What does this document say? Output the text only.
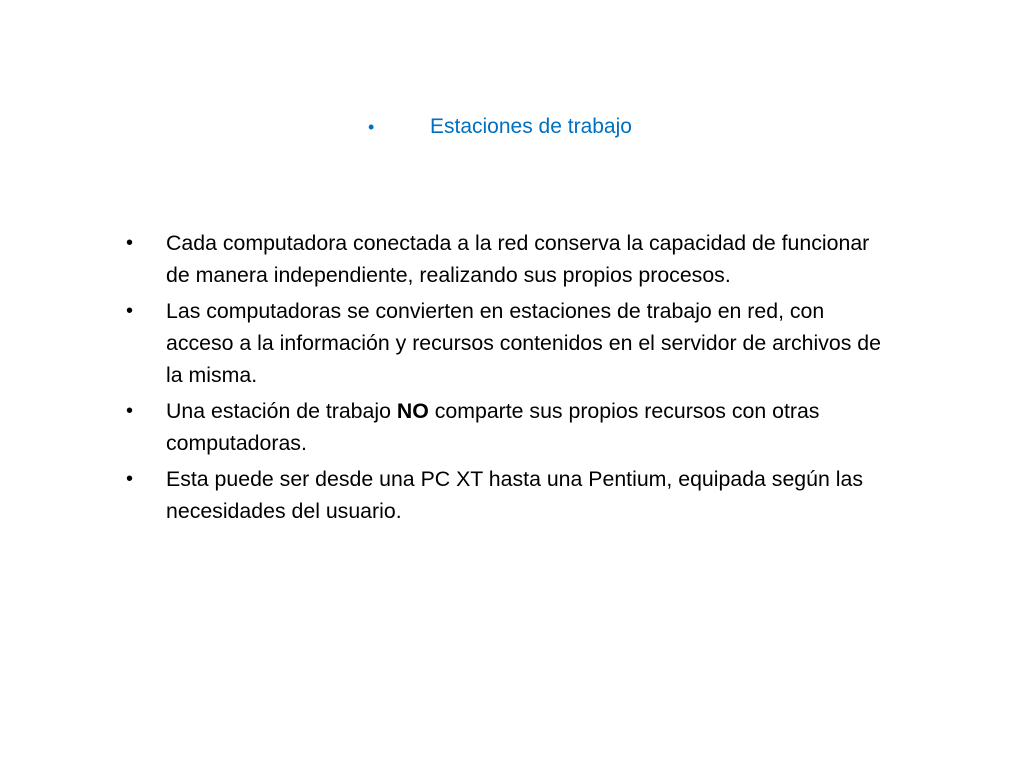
•	Estaciones de trabajo
•	Cada computadora conectada a la red conserva la capacidad de funcionar de manera independiente, realizando sus propios procesos.
•	Las computadoras se convierten en estaciones de trabajo en red, con acceso a la información y recursos contenidos en el servidor de archivos de la misma.
•	Una estación de trabajo NO comparte sus propios recursos con otras computadoras.
•	Esta puede ser desde una PC XT hasta una Pentium, equipada según las necesidades del usuario.
